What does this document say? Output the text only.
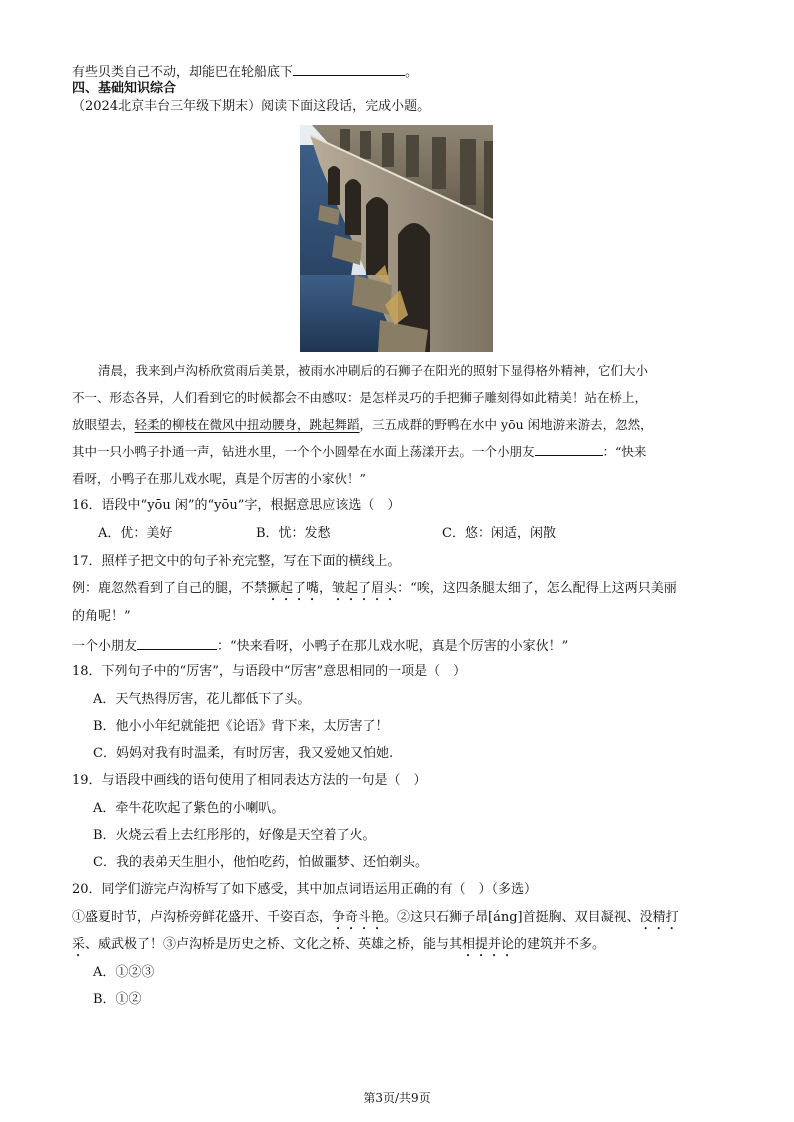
有些贝类自己不动，却能巴在轮船底下	。
四、基础知识综合
（2024北京丰台三年级下期末）阅读下面这段话，完成小题。
清晨，我来到卢沟桥欣赏雨后美景，被雨水冲刷后的石狮子在阳光的照射下显得格外精神，它们大小
不一、形态各异，人们看到它的时候都会不由感叹：是怎样灵巧的手把狮子雕刻得如此精美！站在桥上，
放眼望去，轻柔的柳枝在微风中扭动腰身，跳起舞蹈，三五成群的野鸭在水中 yōu 闲地游来游去，忽然，
其中一只小鸭子扑通一声，钻进水里，一个个小圆晕在水面上荡漾开去。一个小朋友	：“快来
看呀，小鸭子在那儿戏水呢，真是个厉害的小家伙！”
16．语段中“yōu 闲”的“yōu”字，根据意思应该选（　）
A．优：美好	B．忧：发愁	C．悠：闲适，闲散
17．照样子把文中的句子补充完整，写在下面的横线上。
例：鹿忽然看到了自己的腿，不禁撅起了嘴，皱起了眉头：“唉，这四条腿太细了，怎么配得上这两只美丽
的角呢！”
一个小朋友	：“快来看呀，小鸭子在那儿戏水呢，真是个厉害的小家伙！”
18．下列句子中的“厉害”，与语段中“厉害”意思相同的一项是（　）
A．天气热得厉害，花儿都低下了头。
B．他小小年纪就能把《论语》背下来，太厉害了！
C．妈妈对我有时温柔，有时厉害，我又爱她又怕她.
19．与语段中画线的语句使用了相同表达方法的一句是（　）
A．牵牛花吹起了紫色的小喇叭。
B．火烧云看上去红彤彤的，好像是天空着了火。
C．我的表弟天生胆小，他怕吃药，怕做噩梦、还怕剃头。
20．同学们游完卢沟桥写了如下感受，其中加点词语运用正确的有（　）（多选）
①盛夏时节，卢沟桥旁鲜花盛开、千姿百态，争奇斗艳。②这只石狮子昂[áng]首挺胸、双目凝视、没精打
采、威武极了！③卢沟桥是历史之桥、文化之桥、英雄之桥，能与其相提并论的建筑并不多。
A．①②③
B．①②
第3页/共9页
